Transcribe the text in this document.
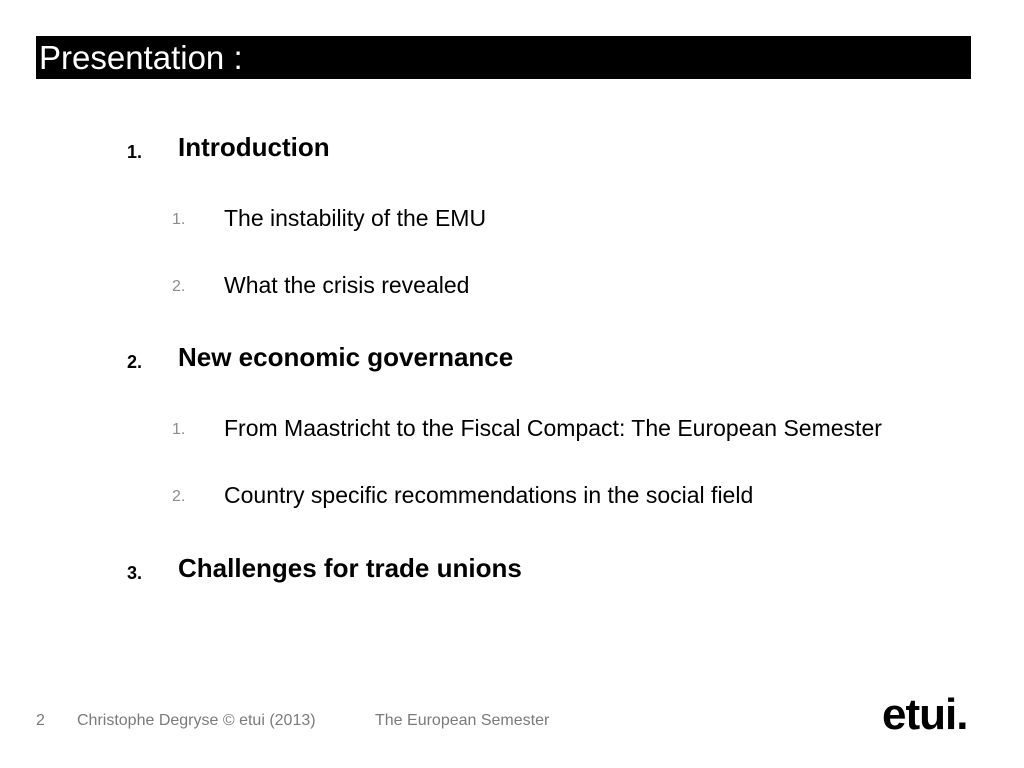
Presentation :
1. Introduction
1. The instability of the EMU
2. What the crisis revealed
2. New economic governance
1. From Maastricht to the Fiscal Compact: The European Semester
2. Country specific recommendations in the social field
3. Challenges for trade unions
2 Christophe Degryse © etui (2013)	The European Semester	etui.
